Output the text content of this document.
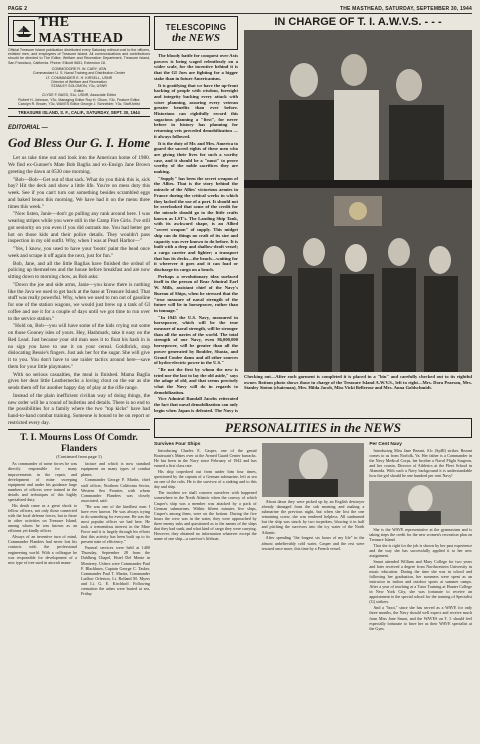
PAGE 2	THE MASTHEAD, SATURDAY, SEPTEMBER 30, 1944
THE MASTHEAD

Official Treasure Island publication distributed every Saturday without cost to the officers, enlisted men, and employees of Treasure Island. All communications and contributions should be directed to The Editor, Welfare and Recreation Department, Treasure Island, San Francisco, California. Phone: Ellicott 5651, Extension 18.

COMMODORE R. W. CARY, USN
Commandant U. S. Naval Training and Distribution Center
LT. COMMANDER E. H. KIRSELL, USNR
Director of Welfare and Recreation
STANLEY SOLOMON, Y3c, USNR
Editor
CLYDE F. BASS, S1c, USNR, Associate Editor
Robert H. Johnson, Y3c, Managing Editor Roy H. Olson, Y3c, Feature Editor
Carolyn R. Brown, Y3c, WAVES Editor George J. Schneider, Y3c, Staff Artist
TREASURE ISLAND, S. F., CALIF., SATURDAY, SEPT. 30, 1944
EDITORIAL —
God Bless Our G. I. Home

Let us take time out and look into the American home of 1980. We find ex-Gunner's Mate Bob Baglia and ex-Ensign Jane Brown greeting the dawn at 0530 one morning.

"Bob—Bob—Get out of that sack. What do you think this is, sick bay? Hit the deck and show a little life. You're on mess duty this week. See if you can't turn out something besides scrambled eggs and baked beans this morning. We have had it on the menu three times this week."

"Now listen, Janie—don't go pulling any rank around here. I was wearing stripes while you were still in the Camp Fire Girls. I've still got seniority on you even if you did outrank me. You had better get hot on those kids and their police details. They wouldn't pass inspection in my old outfit. Why, when I was at Pearl Harbor—"

"Yes, I know, you used to have your 'boots' paint the head once week and scrape it off again the next, just for fun."

Bob, Jane, and all the little Baglias have finished the ordeal of policing up themselves and the house before breakfast and are now sitting down to morning chow, as Bob asks:

"Down the joe and side arms, Janie—you know there is nothing like the Java we used to get back at the base at Treasure Island. That stuff was really powerful. Why, when we used to run out of gasoline for one of the station wagons, we would just brew up a tank of GI coffee and use it for a couple of days until we got time to run over to the service station."

"Hold on, Bob—you will have some of the kids crying out some on those Gooney isles of yours. Hey, Hashmark, take it easy on the Red Lead. Just because your old man uses it to float his hash in is no sign you have to use it on your cereal. Goldbrick, stop dislocating Bessie's fingers. Just ask her for the sugar. She will give it to you. You don't have to use raider tactics around here—save them for your little playmates."

With no serious casualties, the meal is finished. Mama Baglia gives her dear little Leathernecks a loving clout on the ear as she sends them off for another happy day of play at the rifle range.

Instead of the plain inefficient civilian way of doing things, the new order will be a round of bulletins and details. There is no end to the possibilities for a family where the two "top kicks" have had hand-to-hand combat training. Someone is bound to be on report or restricted every day.

T. I. Mourns Loss Of Comdr. Flanders
(Continued from page 1)

As commander of some forces he was directly responsible for many improvements in the repair, and development of mine sweeping equipment and under his guidance large numbers of officers were trained in the details and techniques of this highly specialized duty.

His death came as a great shock to fellow officers, not only those connected with the local defense forces, but to those in other activities on Treasure Island, among whom he was known as an efficient yet kindly officer.

Always of an inventive turn of mind, Commander Flanders had never lost his contacts with the professional engineering world. With a colleague he was responsible for development of a new type of tree used in aircraft manu-

facture and which is now standard equipment on many types of combat planes.

Commander George F. Martin, chief staff officer, Northern California Sector, Western Sea Frontier, with whom Commander Flanders was closely associated, said:

"He was one of the kindliest men I have ever known. He was always trying to do something for everyone. He was the most popular officer we had here. He took a tremendous interest in the Mine Force and it is largely through his efforts that this activity has been built up to its present state of efficiency."

Funeral services were held at 1400 Thursday, September 28 from the Dahlberg Chapel, Hotel Del Monte in Monterey. Ushers were Commander Paul F. Blackburn, Captain George C. Tasker, Commander Paul T. Martin, Commander Ludlow Orleston, Lt. Rolland M. Myers and Lt. G. E. Kirchhoff. Following cremation the ashes were buried at sea, Friday.

TELESCOPING
the NEWS

The bloody battle for conquest over Axis powers is being waged relentlessly on a wider scale, for the incentive behind it is that the GI Joes are fighting for a bigger stake than in future Americanism.

It is gratifying that we have the up-front backing of people with wisdom, foresight and integrity backing every attack with wiser planning, assuring every veteran greater benefits than ever before. Historians can rightfully record this sagacious planning a "first", for never before in history has planning for returning vets preceded demobilization — it always followed.

It is the duty of Mr. and Mrs. America to guard the sacred rights of these men who are giving their lives for such a worthy case, and it should be a "must" to prove worthy of the noble sacrifices they are making.

"Supply" has been the secret weapon of the Allies. That is the story behind the miracle of the Allies' victorious armies in France during the critical weeks in which they lacked the use of a port. It should not be overlooked that some of the credit for the miracle should go to the little crafts known as LST's. The Landing Ship Tank, with its awkward shape, is an Allied "secret weapon" of supply. This midget ship can do things no craft of its size and capacity was ever known to do before. It is built with a deep and shallow-draft vessel; a cargo carrier and lighter; a transport that has its decks—the beach—waiting for it wherever it goes and it can load or discharge its cargo on a beach.

Perhaps a revolutionary idea surfaced itself in the person of Rear Admiral Earl W. Mills, assistant chief of the Navy's Bureau of Ships, when he stressed that the "true measure of naval strength of the future will lie in horsepower, rather than in tonnage."

"In 1945 the U.S. Navy, measured in horsepower, which will be the true measure of naval strength, will be stronger than all the navies of the world. The total strength of our Navy, even 86,000,000 horsepower, will be greater than all the power generated by Boulder, Shasta, and Grand Coulee dams and all other sources of hydro-electric power in the U.S."

"Be not the first by whom the new is tried nor the last to lay the old aside," says the adage of old, and that seems precisely what the Navy will do in regards to demobilization.

Vice Admiral Randall Jacobs reiterated the fact that naval demobilization can only begin when Japan is defeated. The Navy is

IN CHARGE OF T. I. A.W.V.S. - - -

Checking out—After each garment is completed it is placed in a "bin" and carefully checked out to its rightful owner. Bottom photo shows those in charge of the Treasure Island A.W.V.S., left to right—Mrs. Dora Pearson, Mrs. Stanley Sinton (chairman), Mrs. Hilda Jacob, Miss Vicki Bellerose and Mrs. Anna Goldschmidt.

PERSONALITIES in the NEWS
Survives Four Ships

Introducing Charles E. Casper, one of the genial Boatswain's Mates over at the Armed Guard Center barracks. He has been in the Navy since February of 1942 and has earned a first class rate.

His ship torpedoed out from under him four times, questioned by the captain of a German submarine, left at sea on one of the rafts. He is the survivor of a sinking and to this day and ship.

The incident we shall concern ourselves with happened somewhere in the North Atlantic when the convoy of which Casper's ship was a member was attacked by a pack of German submarines. Within fifteen minutes five ships, Casper's among them, were on the bottom. During the five hours the crew was in the water, they were approached by three enemy subs and questioned as to the names of the ships that they had sunk, and what kind of cargo they were carrying. However, they obtained no information whatever except the name of one ship—a survivor's lifeboat.

About dawn they were picked up by an English destroyer already damaged from the sub morning and making a submarine the previous night, but when she lost the one remaining screw, she was rendered helpless. All sunburned but the ship was struck by two torpedoes, blowing it in half and pitching the survivors into the icy water of the North Atlantic.

After spending "the longest six hours of my life" in the almost unbelievably cold water, Casper and the rest were rescued once more, this time by a French vessel.

Per Cent Navy

Introducing Miss Jane Bezant, S1c (SpIII) striker. Bezant comes to us from Norfolk, Va. Her father is a Commander in the Navy Medical Corps, her brother a Naval Flight Surgeon, and her cousin, Director of Athletics at the Fleet School in Alameda. With such a Navy background it is understandable how the girl should be one hundred per cent Navy!

She is the WAVE representative at the gymnasium and is taking steps the credit for the new women's recreation plan on Treasure Island.

That she is right for the job is shown by her past experience and the way she has successfully applied it to her new assignment.

Smart attended William and Mary College for two years and later received a degree from Northwestern University in music education. During the time she was in school and following her graduation, her summers were spent as an instructor in indoor and outdoor sports at summer camps. After a year of teaching at a Tutor Training at Hunter College in New York City, she was fortunate to receive an appointment to the special school for the training of Specialist (G) strikers.

And a "boot," since she has served as a WAVE for only three months, the Navy should well expect and receive much from Miss Jane Smart, and the WAVES on T. I. should feel especially fortunate to have her as their WAVE specialist at the Gym.
